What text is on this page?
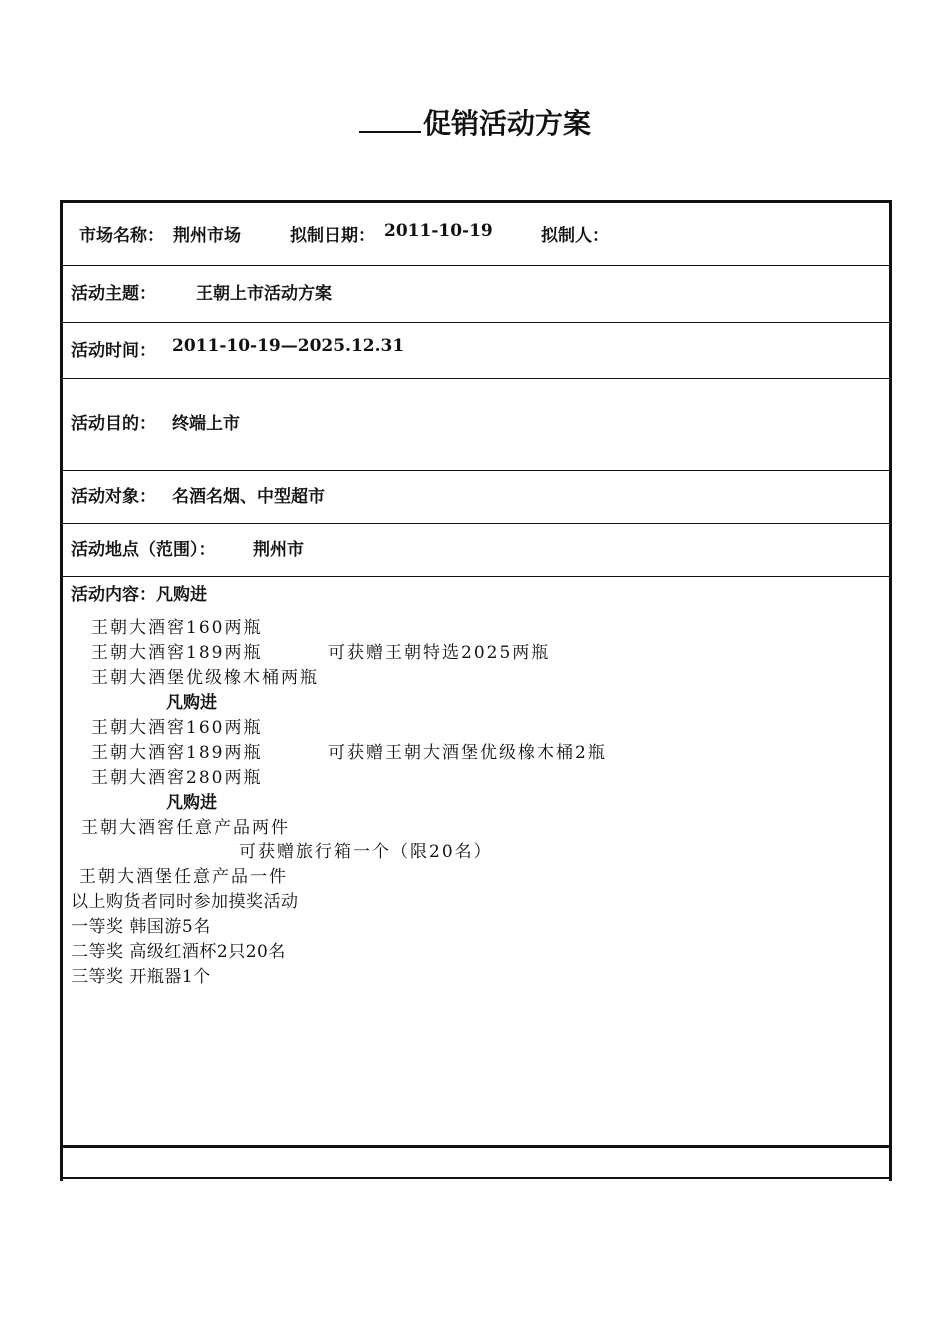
促销活动方案
市场名称： 荆州市场	拟制日期： 2011-10-19	拟制人：
活动主题： 王朝上市活动方案
活动时间： 2011-10-19—2025.12.31
活动目的： 终端上市
活动对象： 名酒名烟、中型超市
活动地点（范围）： 荆州市
活动内容： 凡购进
王朝大酒窖160两瓶
王朝大酒窖189两瓶	可获赠王朝特选2025两瓶
王朝大酒堡优级橡木桶两瓶
凡购进
王朝大酒窖160两瓶
王朝大酒窖189两瓶	可获赠王朝大酒堡优级橡木桶2瓶
王朝大酒窖280两瓶
凡购进
王朝大酒窖任意产品两件
可获赠旅行箱一个（限20名）
王朝大酒堡任意产品一件
以上购货者同时参加摸奖活动
一等奖 韩国游5名
二等奖 高级红酒杯2只20名
三等奖 开瓶器1个
